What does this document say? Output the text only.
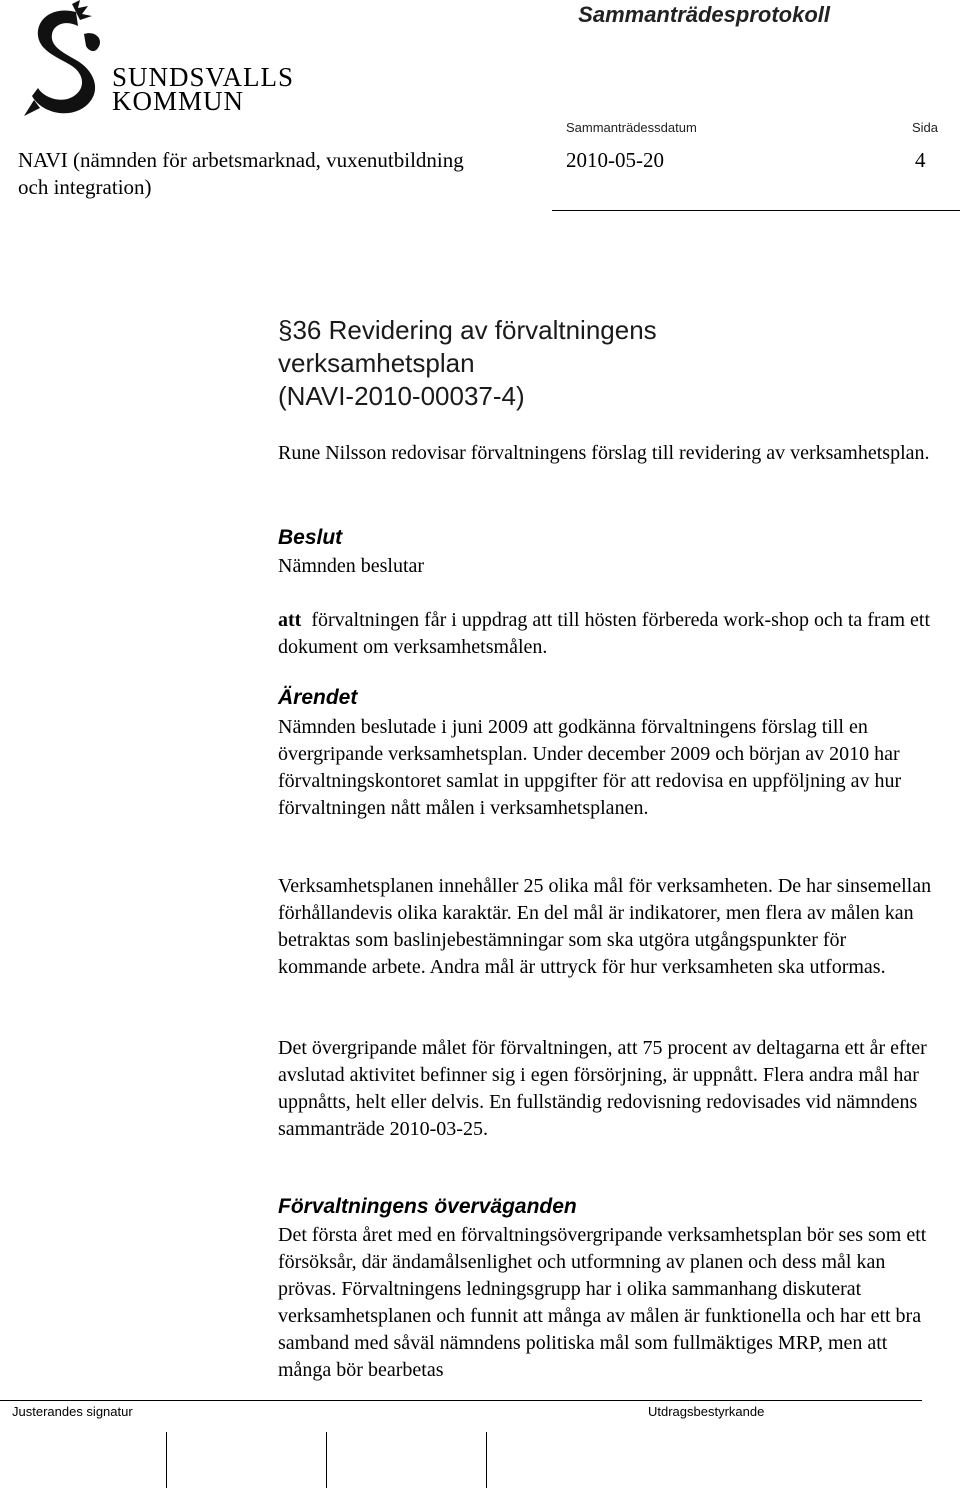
SUNDSVALLS
KOMMUN
Sammanträdesprotokoll
Sammanträdessdatum	Sida
NAVI (nämnden för arbetsmarknad, vuxenutbildning
och integration)
2010-05-20	4
§36 Revidering av förvaltningens
verksamhetsplan
(NAVI-2010-00037-4)
Rune Nilsson redovisar förvaltningens förslag till revidering av verksamhetsplan.
Beslut
Nämnden beslutar
att förvaltningen får i uppdrag att till hösten förbereda work-shop och ta fram ett dokument om verksamhetsmålen.
Ärendet
Nämnden beslutade i juni 2009 att godkänna förvaltningens förslag till en övergripande verksamhetsplan. Under december 2009 och början av 2010 har förvaltningskontoret samlat in uppgifter för att redovisa en uppföljning av hur förvaltningen nått målen i verksamhetsplanen.
Verksamhetsplanen innehåller 25 olika mål för verksamheten. De har sinsemellan förhållandevis olika karaktär. En del mål är indikatorer, men flera av målen kan betraktas som baslinjebestämningar som ska utgöra utgångspunkter för kommande arbete. Andra mål är uttryck för hur verksamheten ska utformas.
Det övergripande målet för förvaltningen, att 75 procent av deltagarna ett år efter avslutad aktivitet befinner sig i egen försörjning, är uppnått. Flera andra mål har uppnåtts, helt eller delvis. En fullständig redovisning redovisades vid nämndens sammanträde 2010-03-25.
Förvaltningens överväganden
Det första året med en förvaltningsövergripande verksamhetsplan bör ses som ett försöksår, där ändamålsenlighet och utformning av planen och dess mål kan prövas. Förvaltningens ledningsgrupp har i olika sammanhang diskuterat verksamhetsplanen och funnit att många av målen är funktionella och har ett bra samband med såväl nämndens politiska mål som fullmäktiges MRP, men att många bör bearbetas
Justerandes signatur	Utdragsbestyrkande
